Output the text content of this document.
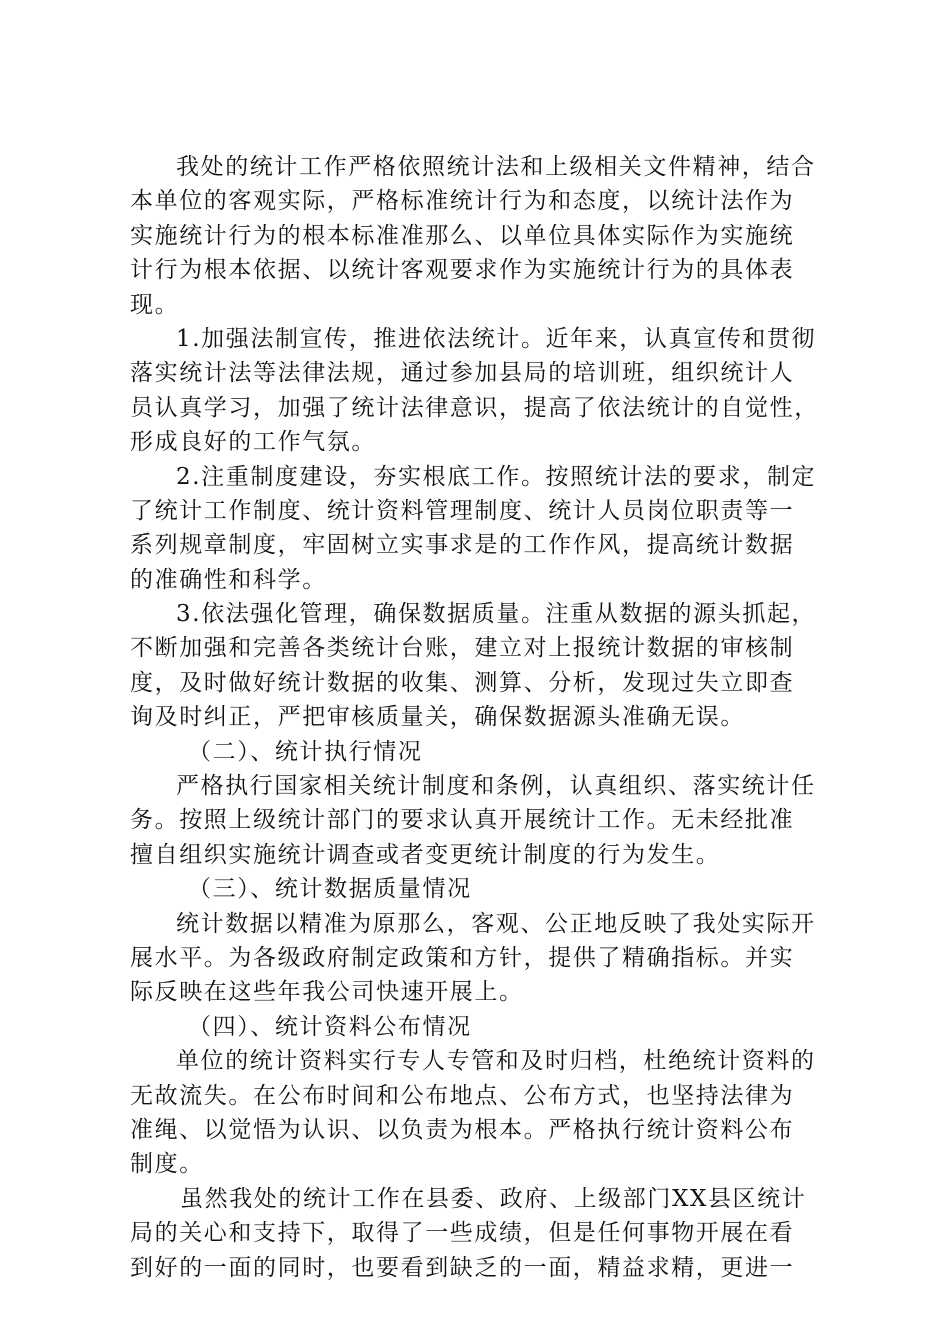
我处的统计工作严格依照统计法和上级相关文件精神，结合
本单位的客观实际，严格标准统计行为和态度，以统计法作为
实施统计行为的根本标准准那么、以单位具体实际作为实施统
计行为根本依据、以统计客观要求作为实施统计行为的具体表
现。
1.加强法制宣传，推进依法统计。近年来，认真宣传和贯彻
落实统计法等法律法规，通过参加县局的培训班，组织统计人
员认真学习，加强了统计法律意识，提高了依法统计的自觉性，
形成良好的工作气氛。
2.注重制度建设，夯实根底工作。按照统计法的要求，制定
了统计工作制度、统计资料管理制度、统计人员岗位职责等一
系列规章制度，牢固树立实事求是的工作作风，提高统计数据
的准确性和科学。
3.依法强化管理，确保数据质量。注重从数据的源头抓起，
不断加强和完善各类统计台账，建立对上报统计数据的审核制
度，及时做好统计数据的收集、测算、分析，发现过失立即查
询及时纠正，严把审核质量关，确保数据源头准确无误。
（二）、统计执行情况
严格执行国家相关统计制度和条例，认真组织、落实统计任
务。按照上级统计部门的要求认真开展统计工作。无未经批准
擅自组织实施统计调查或者变更统计制度的行为发生。
（三）、统计数据质量情况
统计数据以精准为原那么，客观、公正地反映了我处实际开
展水平。为各级政府制定政策和方针，提供了精确指标。并实
际反映在这些年我公司快速开展上。
（四）、统计资料公布情况
单位的统计资料实行专人专管和及时归档，杜绝统计资料的
无故流失。在公布时间和公布地点、公布方式，也坚持法律为
准绳、以觉悟为认识、以负责为根本。严格执行统计资料公布
制度。
虽然我处的统计工作在县委、政府、上级部门XX县区统计
局的关心和支持下，取得了一些成绩，但是任何事物开展在看
到好的一面的同时，也要看到缺乏的一面，精益求精，更进一
